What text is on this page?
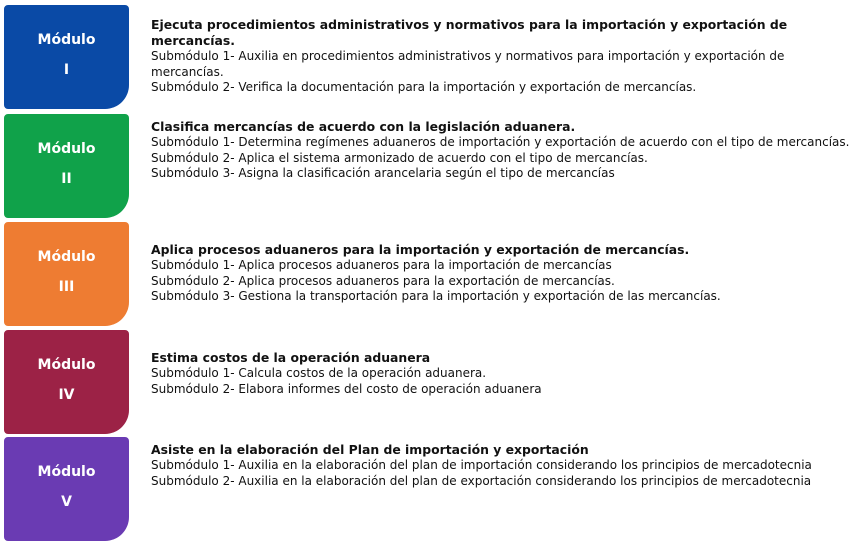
Módulo
I
Ejecuta procedimientos administrativos y normativos para la importación y exportación de mercancías.
Submódulo 1- Auxilia en procedimientos administrativos y normativos para importación y exportación de mercancías.
Submódulo 2- Verifica la documentación para la importación y exportación de mercancías.
Módulo
II
Clasifica mercancías de acuerdo con la legislación aduanera.
Submódulo 1- Determina regímenes aduaneros de importación y exportación de acuerdo con el tipo de mercancías.
Submódulo 2- Aplica el sistema armonizado de acuerdo con el tipo de mercancías.
Submódulo 3- Asigna la clasificación arancelaria según el tipo de mercancías
Módulo
III
Aplica procesos aduaneros para la importación y exportación de mercancías.
Submódulo 1- Aplica procesos aduaneros para la importación de mercancías
Submódulo 2- Aplica procesos aduaneros para la exportación de mercancías.
Submódulo 3- Gestiona la transportación para la importación y exportación de las mercancías.
Módulo
IV
Estima costos de la operación aduanera
Submódulo 1- Calcula costos de la operación aduanera.
Submódulo 2- Elabora informes del costo de operación aduanera
Módulo
V
Asiste en la elaboración del Plan de importación y exportación
Submódulo 1- Auxilia en la elaboración del plan de importación considerando los principios de mercadotecnia
Submódulo 2- Auxilia en la elaboración del plan de exportación considerando los principios de mercadotecnia
